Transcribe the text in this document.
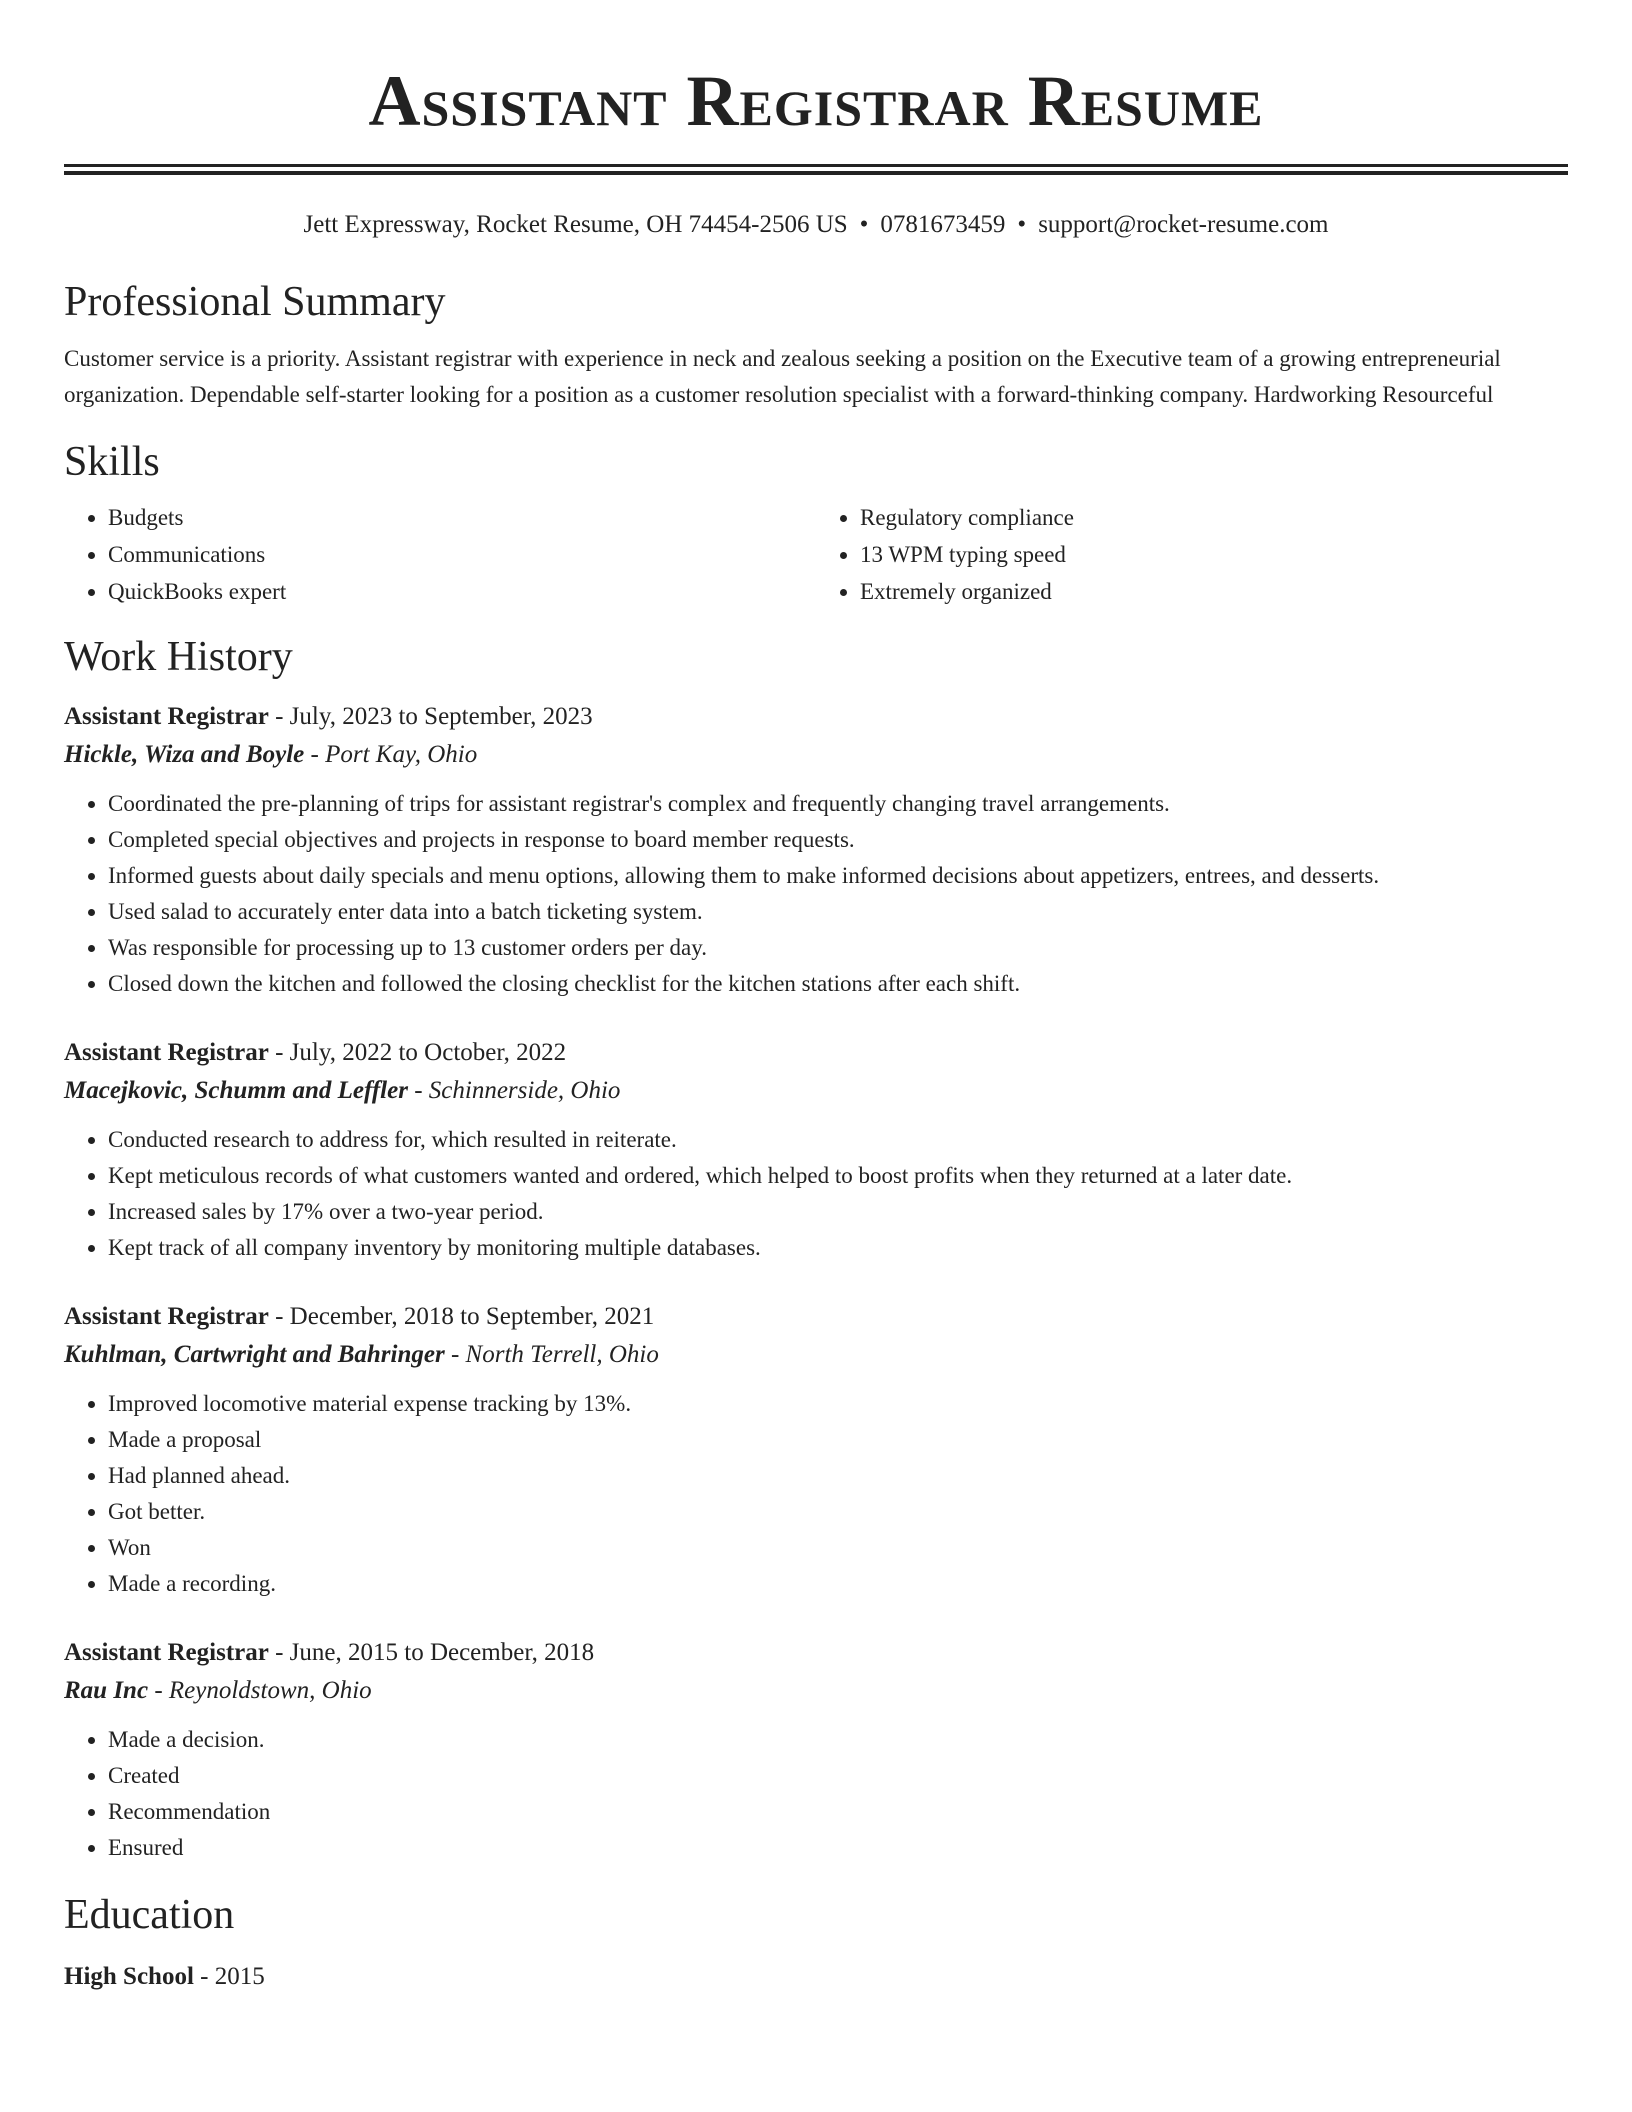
Assistant Registrar Resume
Jett Expressway, Rocket Resume, OH 74454-2506 US • 0781673459 • support@rocket-resume.com
Professional Summary

Customer service is a priority. Assistant registrar with experience in neck and zealous seeking a position on the Executive team of a growing entrepreneurial organization. Dependable self-starter looking for a position as a customer resolution specialist with a forward-thinking company. Hardworking Resourceful

Skills
• Budgets
• Communications
• QuickBooks expert
• Regulatory compliance
• 13 WPM typing speed
• Extremely organized
Work History
Assistant Registrar - July, 2023 to September, 2023
Hickle, Wiza and Boyle - Port Kay, Ohio
• Coordinated the pre-planning of trips for assistant registrar's complex and frequently changing travel arrangements.
• Completed special objectives and projects in response to board member requests.
• Informed guests about daily specials and menu options, allowing them to make informed decisions about appetizers, entrees, and desserts.
• Used salad to accurately enter data into a batch ticketing system.
• Was responsible for processing up to 13 customer orders per day.
• Closed down the kitchen and followed the closing checklist for the kitchen stations after each shift.
Assistant Registrar - July, 2022 to October, 2022
Macejkovic, Schumm and Leffler - Schinnerside, Ohio
• Conducted research to address for, which resulted in reiterate.
• Kept meticulous records of what customers wanted and ordered, which helped to boost profits when they returned at a later date.
• Increased sales by 17% over a two-year period.
• Kept track of all company inventory by monitoring multiple databases.
Assistant Registrar - December, 2018 to September, 2021
Kuhlman, Cartwright and Bahringer - North Terrell, Ohio
• Improved locomotive material expense tracking by 13%.
• Made a proposal
• Had planned ahead.
• Got better.
• Won
• Made a recording.
Assistant Registrar - June, 2015 to December, 2018
Rau Inc - Reynoldstown, Ohio
• Made a decision.
• Created
• Recommendation
• Ensured
Education
High School - 2015
